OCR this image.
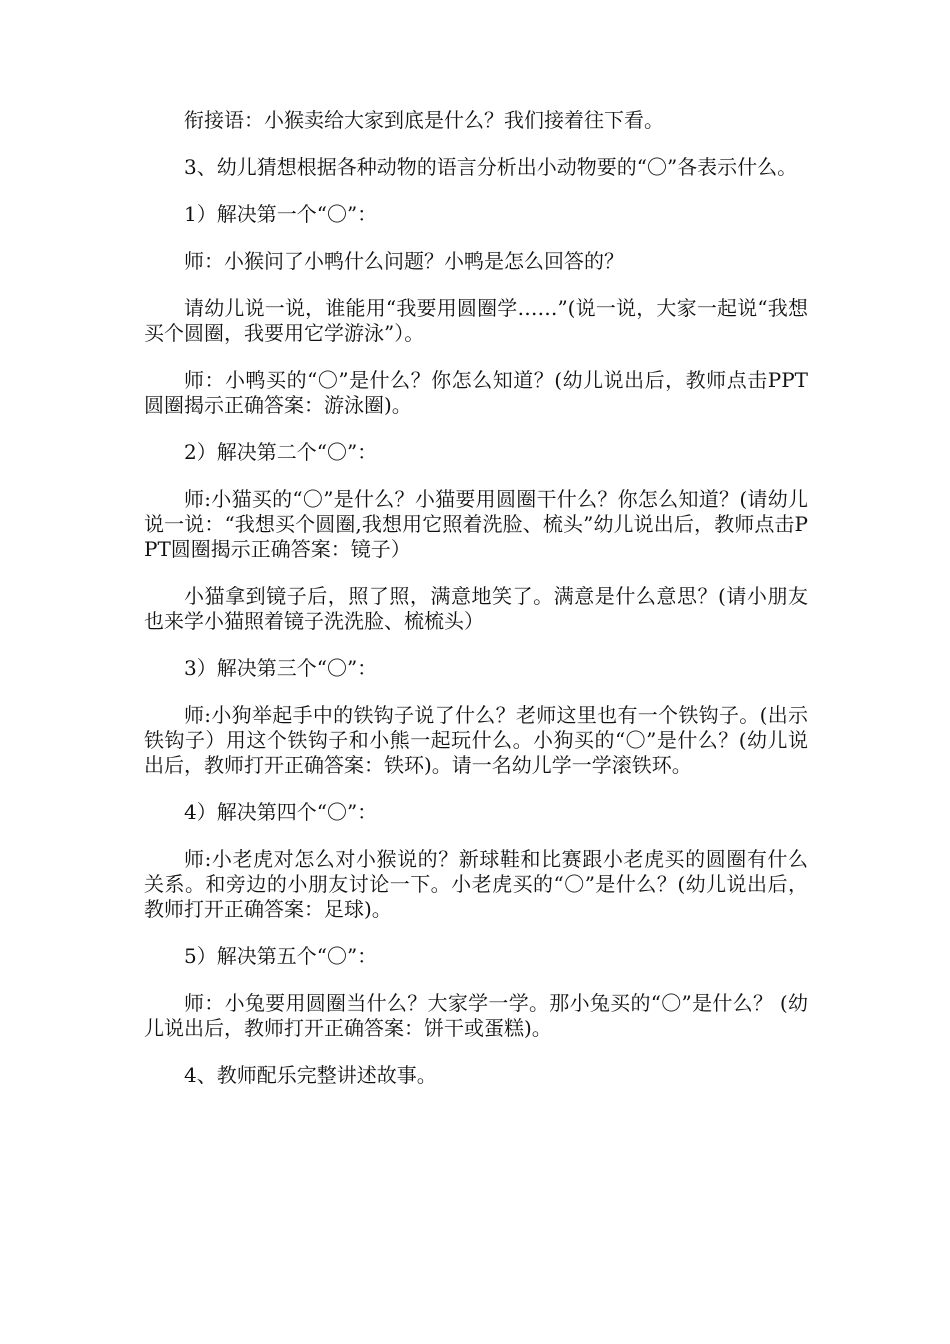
衔接语：小猴卖给大家到底是什么？我们接着往下看。

3、幼儿猜想根据各种动物的语言分析出小动物要的“〇”各表示什么。

1）解决第一个“〇”：

师：小猴问了小鸭什么问题？小鸭是怎么回答的？

请幼儿说一说，谁能用“我要用圆圈学……”(说一说，大家一起说“我想买个圆圈，我要用它学游泳”）。

师：小鸭买的“〇”是什么？你怎么知道？(幼儿说出后，教师点击PPT圆圈揭示正确答案：游泳圈)。

2）解决第二个“〇”：

师:小猫买的“〇”是什么？小猫要用圆圈干什么？你怎么知道？(请幼儿说一说：“我想买个圆圈,我想用它照着洗脸、梳头”幼儿说出后，教师点击PPT圆圈揭示正确答案：镜子）

小猫拿到镜子后，照了照，满意地笑了。满意是什么意思？(请小朋友也来学小猫照着镜子洗洗脸、梳梳头）

3）解决第三个“〇”：

师:小狗举起手中的铁钩子说了什么？老师这里也有一个铁钩子。(出示铁钩子）用这个铁钩子和小熊一起玩什么。小狗买的“〇”是什么？(幼儿说出后，教师打开正确答案：铁环)。请一名幼儿学一学滚铁环。

4）解决第四个“〇”：

师:小老虎对怎么对小猴说的？新球鞋和比赛跟小老虎买的圆圈有什么关系。和旁边的小朋友讨论一下。小老虎买的“〇”是什么？(幼儿说出后，教师打开正确答案：足球)。

5）解决第五个“〇”：

师：小兔要用圆圈当什么？大家学一学。那小兔买的“〇”是什么？ (幼儿说出后，教师打开正确答案：饼干或蛋糕)。

4、教师配乐完整讲述故事。
